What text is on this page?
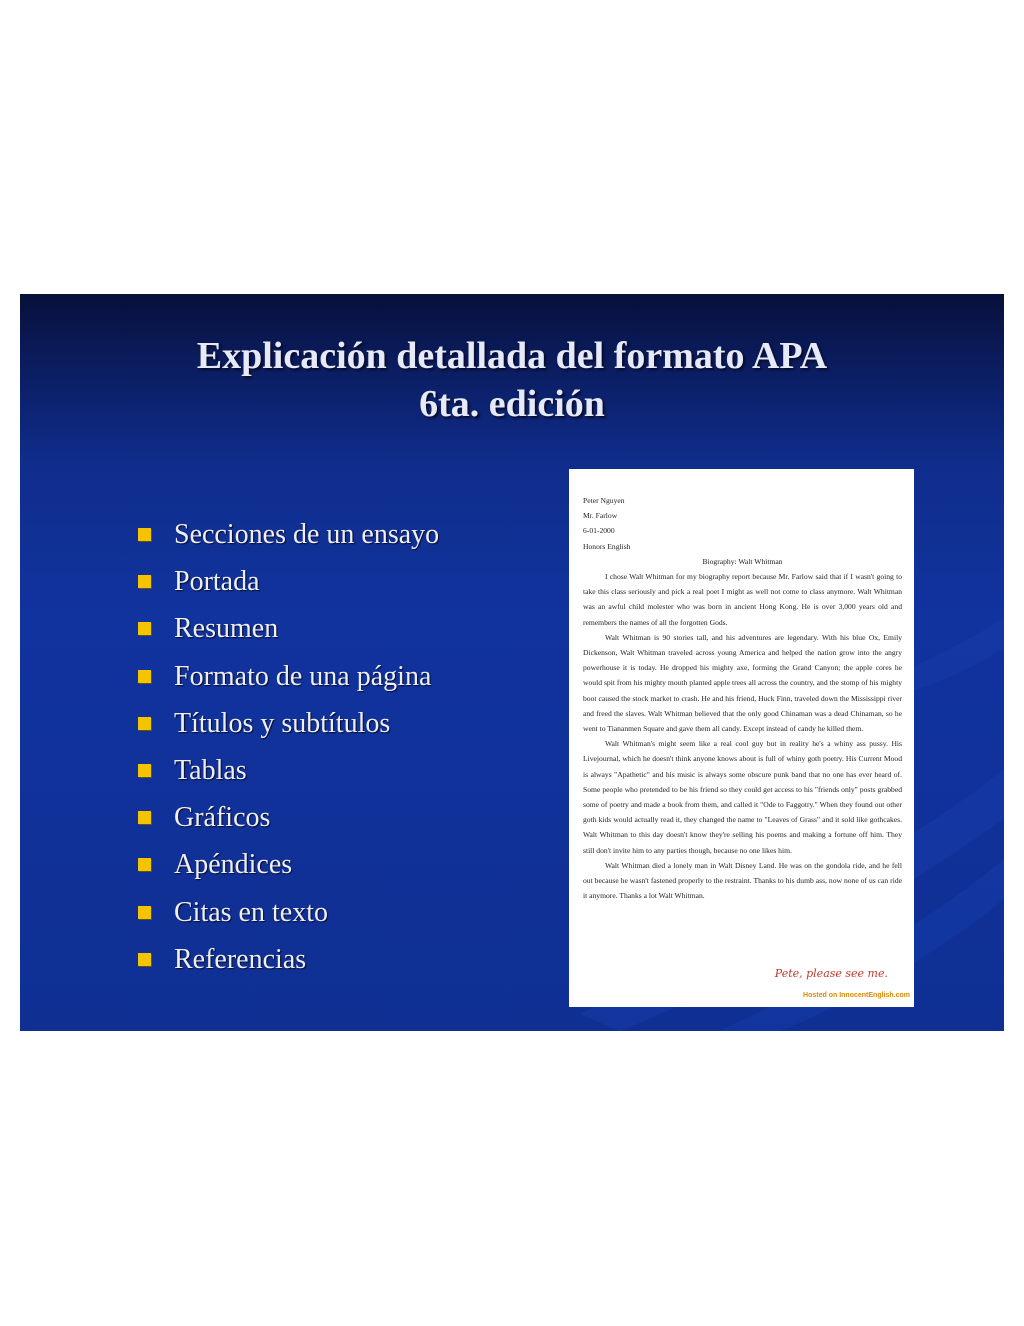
Explicación detallada del formato APA
6ta. edición
Secciones de un ensayo
Portada
Resumen
Formato de una página
Títulos y subtítulos
Tablas
Gráficos
Apéndices
Citas en texto
Referencias
Peter Nguyen
Mr. Farlow
6-01-2000
Honors English
Biography: Walt Whitman

I chose Walt Whitman for my biography report because Mr. Farlow said that if I wasn't going to take this class seriously and pick a real poet I might as well not come to class anymore. Walt Whitman was an awful child molester who was born in ancient Hong Kong. He is over 3,000 years old and remembers the names of all the forgotten Gods.

Walt Whitman is 90 stories tall, and his adventures are legendary. With his blue Ox, Emily Dickenson, Walt Whitman traveled across young America and helped the nation grow into the angry powerhouse it is today. He dropped his mighty axe, forming the Grand Canyon; the apple cores he would spit from his mighty mouth planted apple trees all across the country, and the stomp of his mighty boot caused the stock market to crash. He and his friend, Huck Finn, traveled down the Mississippi river and freed the slaves. Walt Whitman believed that the only good Chinaman was a dead Chinaman, so he went to Tiananmen Square and gave them all candy. Except instead of candy he killed them.

Walt Whitman's might seem like a real cool guy but in reality he's a whiny ass pussy. His Livejournal, which he doesn't think anyone knows about is full of whiny goth poetry. His Current Mood is always "Apathetic" and his music is always some obscure punk band that no one has ever heard of. Some people who pretended to be his friend so they could get access to his "friends only" posts grabbed some of poetry and made a book from them, and called it "Ode to Faggotry." When they found out other goth kids would actually read it, they changed the name to "Leaves of Grass" and it sold like gothcakes. Walt Whitman to this day doesn't know they're selling his poems and making a fortune off him. They still don't invite him to any parties though, because no one likes him.

Walt Whitman died a lonely man in Walt Disney Land. He was on the gondola ride, and he fell out because he wasn't fastened properly to the restraint. Thanks to his dumb ass, now none of us can ride it anymore. Thanks a lot Walt Whitman.

Pete, please see me.
Hosted on InnocentEnglish.com
